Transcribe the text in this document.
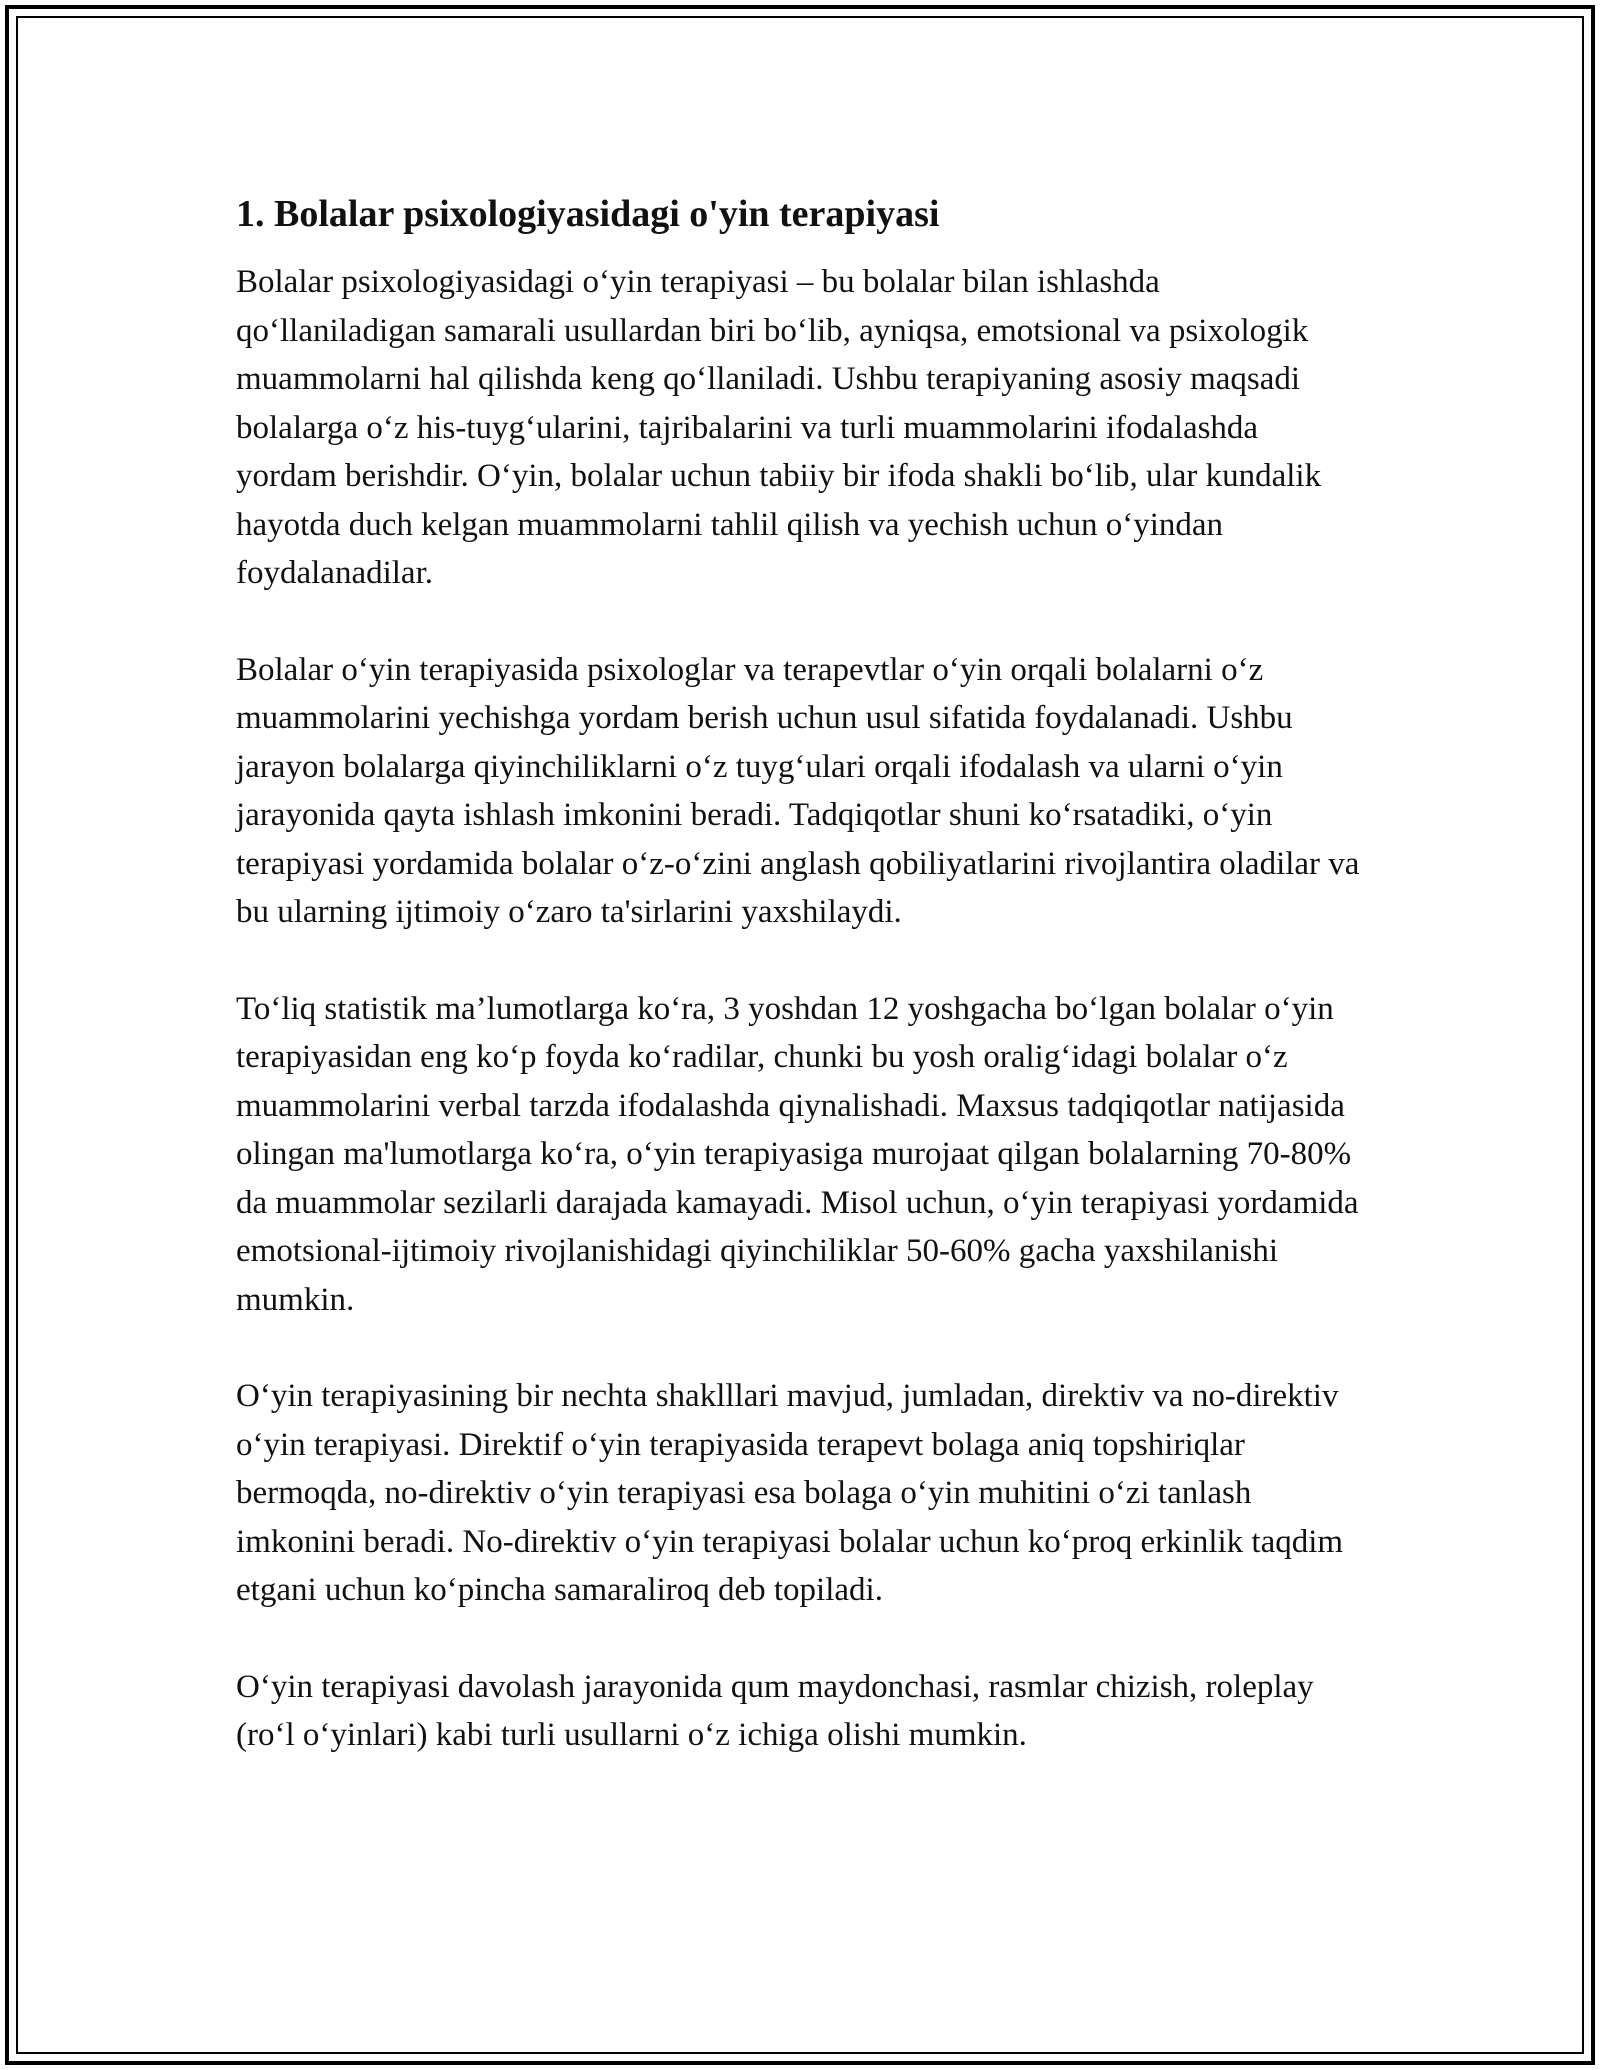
1. Bolalar psixologiyasidagi o'yin terapiyasi

Bolalar psixologiyasidagi o‘yin terapiyasi – bu bolalar bilan ishlashda qo‘llaniladigan samarali usullardan biri bo‘lib, ayniqsa, emotsional va psixologik muammolarni hal qilishda keng qo‘llaniladi. Ushbu terapiyaning asosiy maqsadi bolalarga o‘z his-tuyg‘ularini, tajribalarini va turli muammolarini ifodalashda yordam berishdir. O‘yin, bolalar uchun tabiiy bir ifoda shakli bo‘lib, ular kundalik hayotda duch kelgan muammolarni tahlil qilish va yechish uchun o‘yindan foydalanadilar.

Bolalar o‘yin terapiyasida psixologlar va terapevtlar o‘yin orqali bolalarni o‘z muammolarini yechishga yordam berish uchun usul sifatida foydalanadi. Ushbu jarayon bolalarga qiyinchiliklarni o‘z tuyg‘ulari orqali ifodalash va ularni o‘yin jarayonida qayta ishlash imkonini beradi. Tadqiqotlar shuni ko‘rsatadiki, o‘yin terapiyasi yordamida bolalar o‘z-o‘zini anglash qobiliyatlarini rivojlantira oladilar va bu ularning ijtimoiy o‘zaro ta'sirlarini yaxshilaydi.

To‘liq statistik ma’lumotlarga ko‘ra, 3 yoshdan 12 yoshgacha bo‘lgan bolalar o‘yin terapiyasidan eng ko‘p foyda ko‘radilar, chunki bu yosh oralig‘idagi bolalar o‘z muammolarini verbal tarzda ifodalashda qiynalishadi. Maxsus tadqiqotlar natijasida olingan ma'lumotlarga ko‘ra, o‘yin terapiyasiga murojaat qilgan bolalarning 70-80% da muammolar sezilarli darajada kamayadi. Misol uchun, o‘yin terapiyasi yordamida emotsional-ijtimoiy rivojlanishidagi qiyinchiliklar 50-60% gacha yaxshilanishi mumkin.

O‘yin terapiyasining bir nechta shaklllari mavjud, jumladan, direktiv va no-direktiv o‘yin terapiyasi. Direktif o‘yin terapiyasida terapevt bolaga aniq topshiriqlar bermoqda, no-direktiv o‘yin terapiyasi esa bolaga o‘yin muhitini o‘zi tanlash imkonini beradi. No-direktiv o‘yin terapiyasi bolalar uchun ko‘proq erkinlik taqdim etgani uchun ko‘pincha samaraliroq deb topiladi.

O‘yin terapiyasi davolash jarayonida qum maydonchasi, rasmlar chizish, roleplay (ro‘l o‘yinlari) kabi turli usullarni o‘z ichiga olishi mumkin.
